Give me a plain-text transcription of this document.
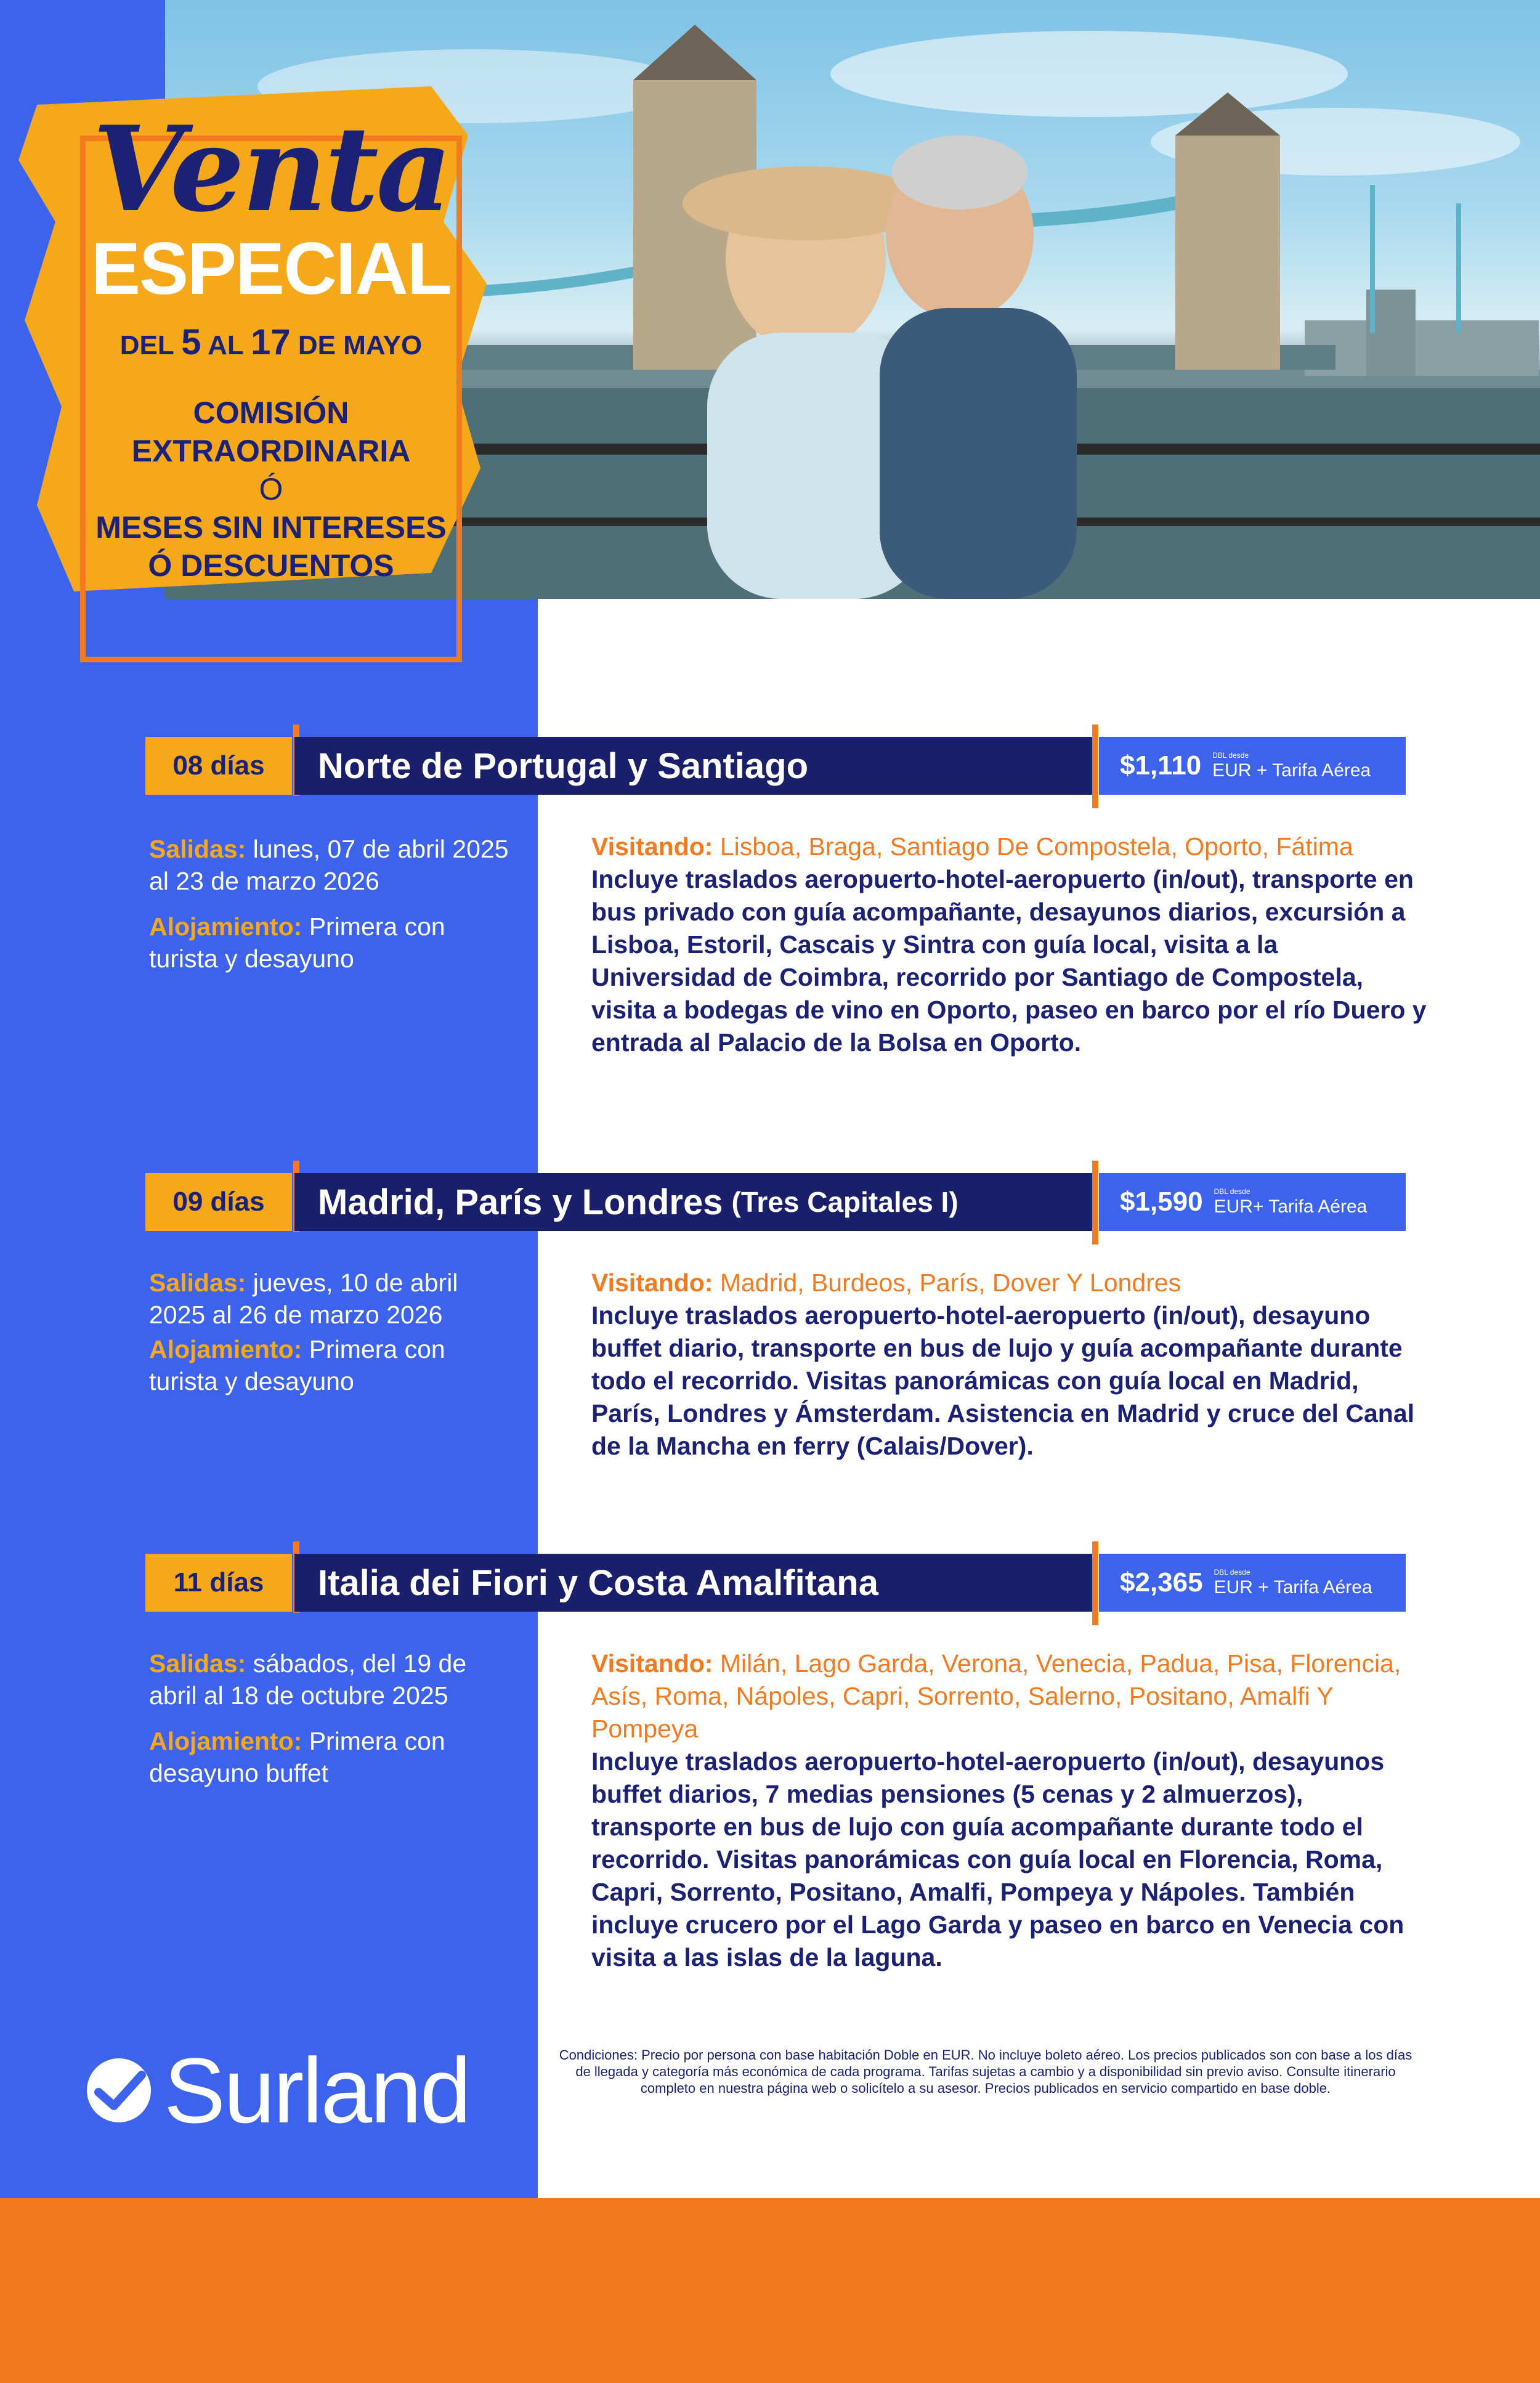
Venta
ESPECIAL
DEL 5 AL 17 DE MAYO
COMISIÓN
EXTRAORDINARIA
Ó
MESES SIN INTERESES
Ó DESCUENTOS
08 días	Norte de Portugal y Santiago	$1,110 DBL desde
EUR + Tarifa Aérea

Salidas: lunes, 07 de abril 2025 al 23 de marzo 2026

Alojamiento: Primera con turista y desayuno

Visitando: Lisboa, Braga, Santiago De Compostela, Oporto, Fátima
Incluye traslados aeropuerto-hotel-aeropuerto (in/out), transporte en bus privado con guía acompañante, desayunos diarios, excursión a Lisboa, Estoril, Cascais y Sintra con guía local, visita a la Universidad de Coimbra, recorrido por Santiago de Compostela, visita a bodegas de vino en Oporto, paseo en barco por el río Duero y entrada al Palacio de la Bolsa en Oporto.
09 días	Madrid, París y Londres (Tres Capitales I)	$1,590 DBL desde
EUR+ Tarifa Aérea

Salidas: jueves, 10 de abril 2025 al 26 de marzo 2026

Alojamiento: Primera con turista y desayuno

Visitando: Madrid, Burdeos, París, Dover Y Londres
Incluye traslados aeropuerto-hotel-aeropuerto (in/out), desayuno buffet diario, transporte en bus de lujo y guía acompañante durante todo el recorrido. Visitas panorámicas con guía local en Madrid, París, Londres y Ámsterdam. Asistencia en Madrid y cruce del Canal de la Mancha en ferry (Calais/Dover).
11 días	Italia dei Fiori y Costa Amalfitana	$2,365 DBL desde
EUR + Tarifa Aérea

Salidas: sábados, del 19 de abril al 18 de octubre 2025

Alojamiento: Primera con desayuno buffet

Visitando: Milán, Lago Garda, Verona, Venecia, Padua, Pisa, Florencia, Asís, Roma, Nápoles, Capri, Sorrento, Salerno, Positano, Amalfi Y Pompeya
Incluye traslados aeropuerto-hotel-aeropuerto (in/out), desayunos buffet diarios, 7 medias pensiones (5 cenas y 2 almuerzos), transporte en bus de lujo con guía acompañante durante todo el recorrido. Visitas panorámicas con guía local en Florencia, Roma, Capri, Sorrento, Positano, Amalfi, Pompeya y Nápoles. También incluye crucero por el Lago Garda y paseo en barco en Venecia con visita a las islas de la laguna.
Surland	Condiciones: Precio por persona con base habitación Doble en EUR. No incluye boleto aéreo. Los precios publicados son con base a los días de llegada y categoría más económica de cada programa. Tarifas sujetas a cambio y a disponibilidad sin previo aviso. Consulte itinerario completo en nuestra página web o solicítelo a su asesor. Precios publicados en servicio compartido en base doble.
